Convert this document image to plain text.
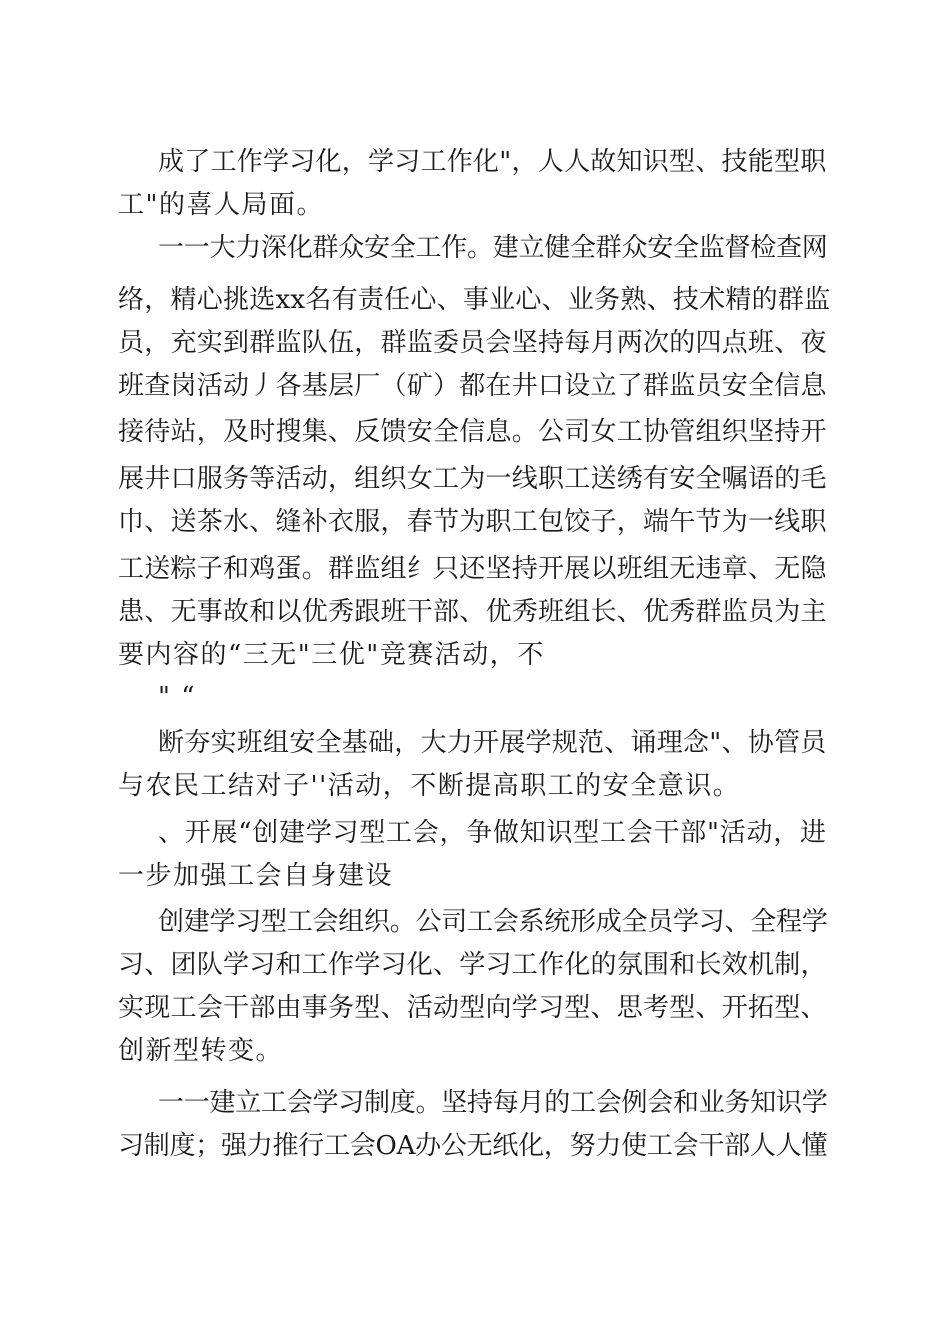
成了工作学习化，学习工作化"，人人故知识型、技能型职

工"的喜人局面。

一一大力深化群众安全工作。建立健全群众安全监督检查网

络，精心挑选xx名有责任心、事业心、业务熟、技术精的群监

员，充实到群监队伍，群监委员会坚持每月两次的四点班、夜

班查岗活动丿各基层厂（矿）都在井口设立了群监员安全信息

接待站，及时搜集、反馈安全信息。公司女工协管组织坚持开

展井口服务等活动，组织女工为一线职工送绣有安全嘱语的毛

巾、送茶水、缝补衣服，春节为职工包饺子，端午节为一线职

工送粽子和鸡蛋。群监组纟只还坚持开展以班组无违章、无隐

患、无事故和以优秀跟班干部、优秀班组长、优秀群监员为主

要内容的“三无"三优"竞赛活动，不

" “

断夯实班组安全基础，大力开展学规范、诵理念"、协管员

与农民工结对子''活动，不断提高职工的安全意识。

、开展“创建学习型工会，争做知识型工会干部"活动，进

一步加强工会自身建设

创建学习型工会组织。公司工会系统形成全员学习、全程学

习、团队学习和工作学习化、学习工作化的氛围和长效机制，

实现工会干部由事务型、活动型向学习型、思考型、开拓型、

创新型转变。

一一建立工会学习制度。坚持每月的工会例会和业务知识学

习制度；强力推行工会OA办公无纸化，努力使工会干部人人懂
